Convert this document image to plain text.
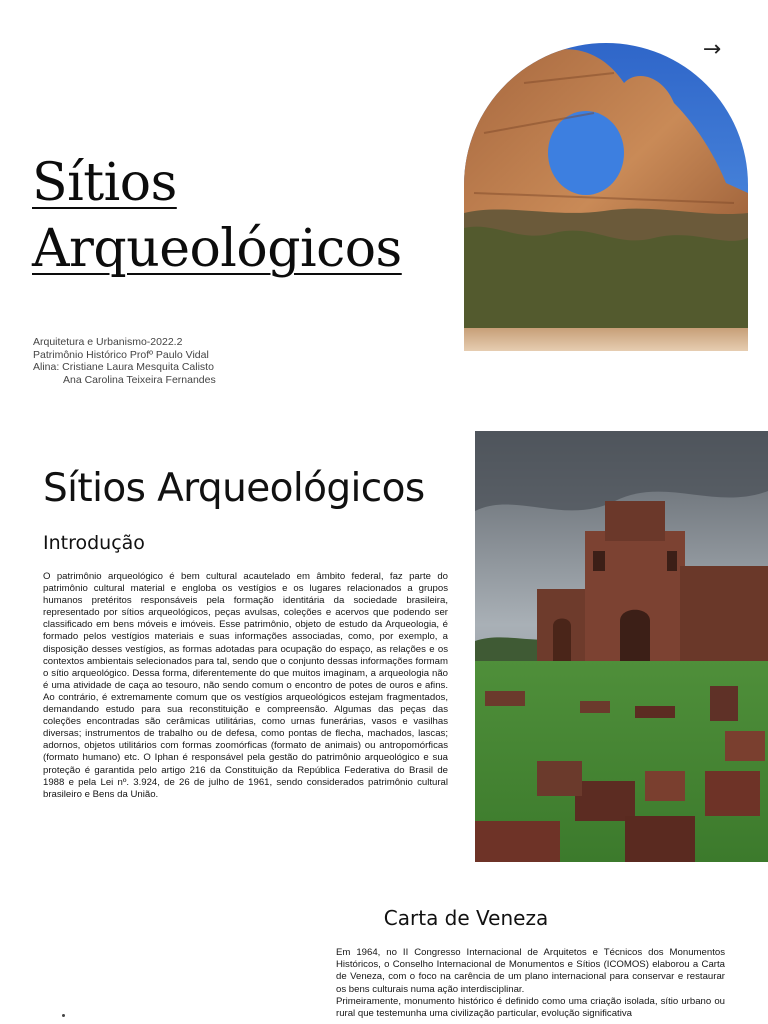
→
Sítios
Arqueológicos
Arquitetura e Urbanismo-2022.2
Patrimônio Histórico Profº Paulo Vidal
Alina: Cristiane Laura Mesquita Calisto
Ana Carolina Teixeira Fernandes
Sítios Arqueológicos
Introdução

O patrimônio arqueológico é bem cultural acautelado em âmbito federal, faz parte do patrimônio cultural material e engloba os vestígios e os lugares relacionados a grupos humanos pretéritos responsáveis pela formação identitária da sociedade brasileira, representado por sítios arqueológicos, peças avulsas, coleções e acervos que podendo ser classificado em bens móveis e imóveis. Esse patrimônio, objeto de estudo da Arqueologia, é formado pelos vestígios materiais e suas informações associadas, como, por exemplo, a disposição desses vestígios, as formas adotadas para ocupação do espaço, as relações e os contextos ambientais selecionados para tal, sendo que o conjunto dessas informações formam o sítio arqueológico. Dessa forma, diferentemente do que muitos imaginam, a arqueologia não é uma atividade de caça ao tesouro, não sendo comum o encontro de potes de ouros e afins. Ao contrário, é extremamente comum que os vestígios arqueológicos estejam fragmentados, demandando estudo para sua reconstituição e compreensão. Algumas das peças das coleções encontradas são cerâmicas utilitárias, como urnas funerárias, vasos e vasilhas diversas; instrumentos de trabalho ou de defesa, como pontas de flecha, machados, lascas; adornos, objetos utilitários com formas zoomórficas (formato de animais) ou antropomórficas (formato humano) etc. O Iphan é responsável pela gestão do patrimônio arqueológico e sua proteção é garantida pelo artigo 216 da Constituição da República Federativa do Brasil de 1988 e pela Lei nº. 3.924, de 26 de julho de 1961, sendo considerados patrimônio cultural brasileiro e Bens da União.

Carta de Veneza

Em 1964, no II Congresso Internacional de Arquitetos e Técnicos dos Monumentos Históricos, o Conselho Internacional de Monumentos e Sítios (ICOMOS) elaborou a Carta de Veneza, com o foco na carência de um plano internacional para conservar e restaurar os bens culturais numa ação interdisciplinar.

Primeiramente, monumento histórico é definido como uma criação isolada, sítio urbano ou rural que testemunha uma civilização particular, evolução significativa
